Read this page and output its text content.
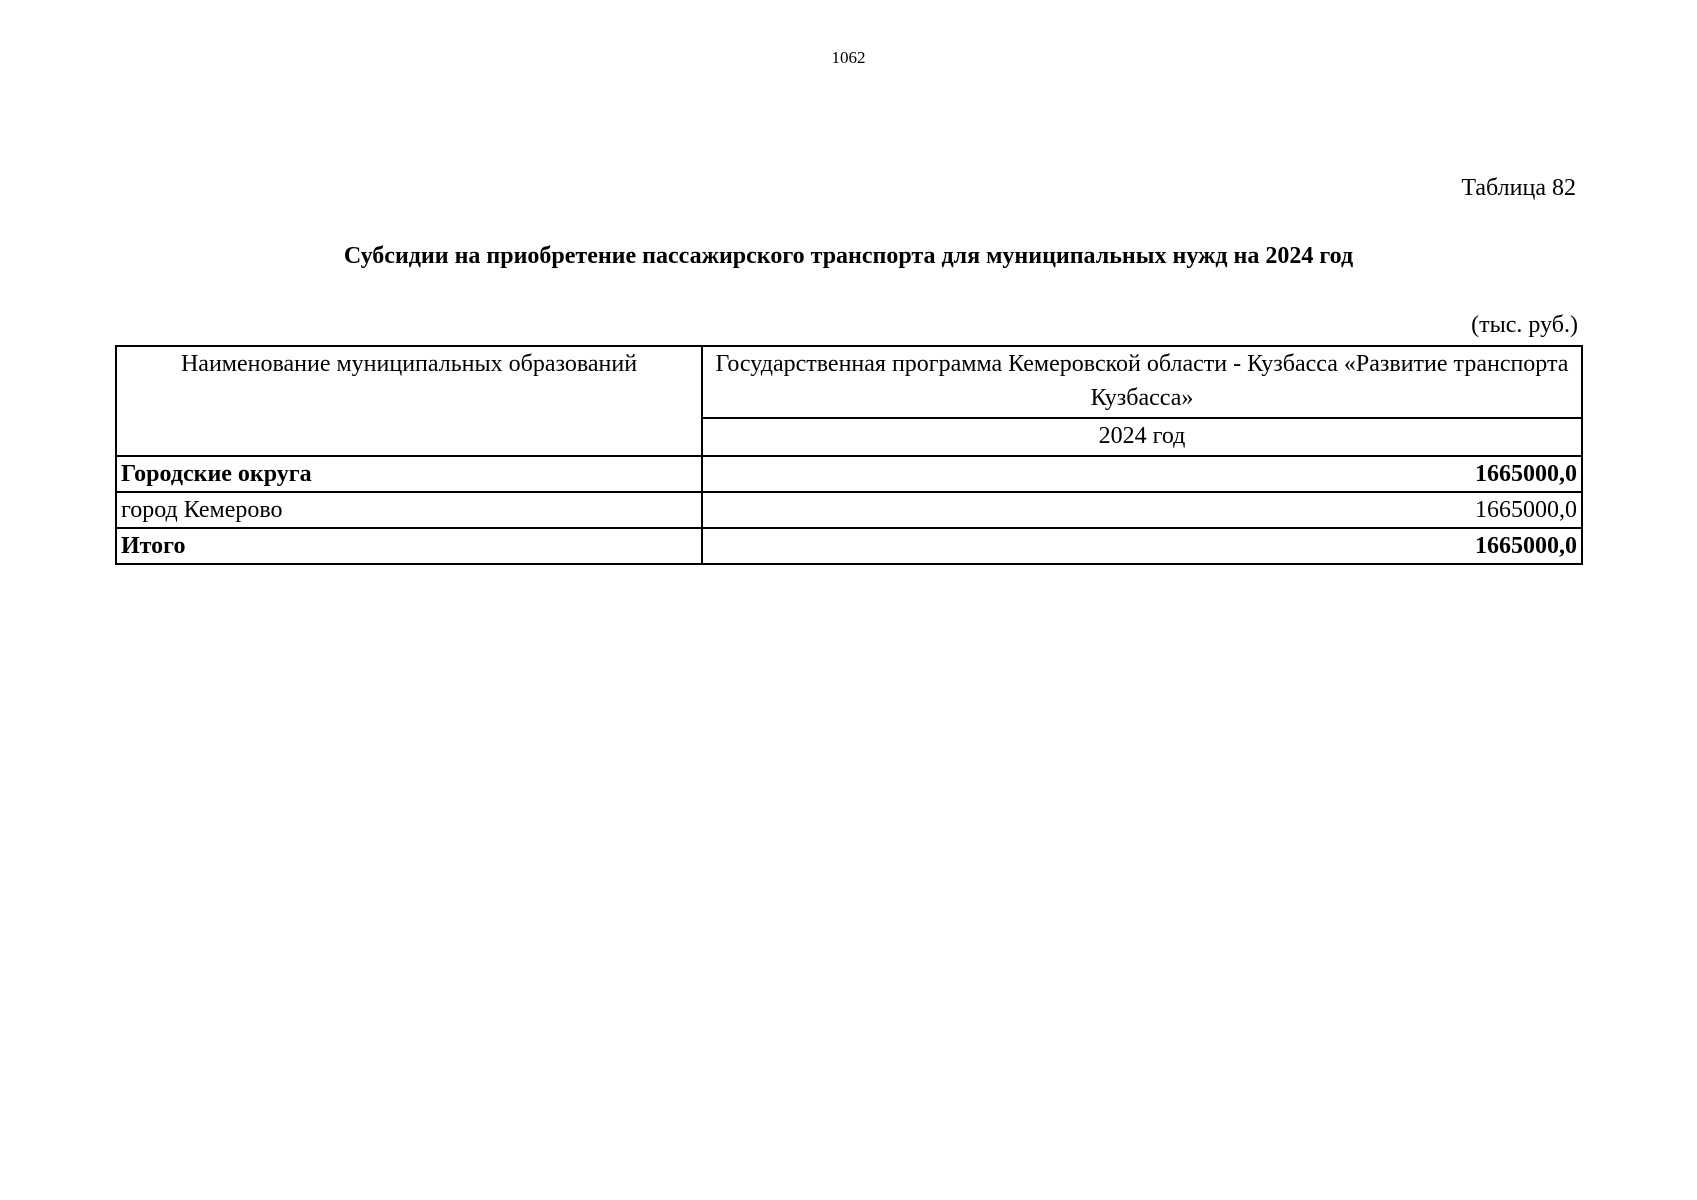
1062
Таблица 82
Субсидии на приобретение пассажирского транспорта для муниципальных нужд на 2024 год
(тыс. руб.)
Наименование муниципальных образований	Государственная программа Кемеровской области - Кузбасса «Развитие транспорта Кузбасса»
	2024 год
Городские округа	1665000,0
город Кемерово	1665000,0
Итого	1665000,0
